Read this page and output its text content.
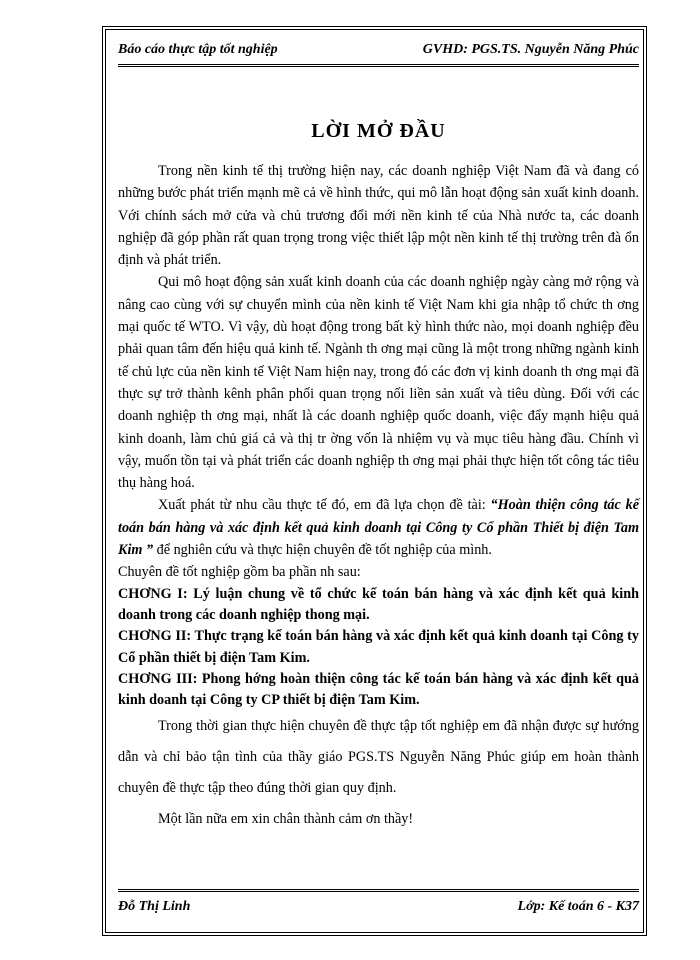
Báo cáo thực tập tốt nghiệp	GVHD: PGS.TS. Nguyễn Năng Phúc
LỜI MỞ ĐẦU

Trong nền kinh tế thị trường hiện nay, các doanh nghiệp Việt Nam đã và đang có những bước phát triển mạnh mẽ cả về hình thức, qui mô lẫn hoạt động sản xuất kinh doanh. Với chính sách mở cửa và chủ trương đổi mới nền kinh tế của Nhà nước ta, các doanh nghiệp đã góp phần rất quan trọng trong việc thiết lập một nền kinh tế thị trường trên đà ổn định và phát triển.

Qui mô hoạt động sản xuất kinh doanh của các doanh nghiệp ngày càng mở rộng và nâng cao cùng với sự chuyển mình của nền kinh tế Việt Nam khi gia nhập tổ chức th ơng mại quốc tế WTO. Vì vậy, dù hoạt động trong bất kỳ hình thức nào, mọi doanh nghiệp đều phải quan tâm đến hiệu quả kinh tế. Ngành th ơng mại cũng là một trong những ngành kinh tế chủ lực của nền kinh tế Việt Nam hiện nay, trong đó các đơn vị kinh doanh th ơng mại đã thực sự trở thành kênh phân phối quan trọng nối liền sản xuất và tiêu dùng. Đối với các doanh nghiệp th ơng mại, nhất là các doanh nghiệp quốc doanh, việc đẩy mạnh hiệu quả kinh doanh, làm chủ giá cả và thị tr ờng vốn là nhiệm vụ và mục tiêu hàng đầu. Chính vì vậy, muốn tồn tại và phát triển các doanh nghiệp th ơng mại phải thực hiện tốt công tác tiêu thụ hàng hoá.

Xuất phát từ nhu cầu thực tế đó, em đã lựa chọn đề tài: “Hoàn thiện công tác kế toán bán hàng và xác định kết quả kinh doanh tại Công ty Cổ phần Thiết bị điện Tam Kim ” để nghiên cứu và thực hiện chuyên đề tốt nghiệp của mình.

Chuyên đề tốt nghiệp gồm ba phần nh sau:

CHƠNG I: Lý luận chung về tổ chức kế toán bán hàng và xác định kết quả kinh doanh trong các doanh nghiệp thong mại.

CHƠNG II: Thực trạng kế toán bán hàng và xác định kết quả kinh doanh tại Công ty Cổ phần thiết bị điện Tam Kim.

CHƠNG III: Phong hớng hoàn thiện công tác kế toán bán hàng và xác định kết quả kinh doanh tại Công ty CP thiết bị điện Tam Kim.

Trong thời gian thực hiện chuyên đề thực tập tốt nghiệp em đã nhận được sự hướng dẫn và chỉ bảo tận tình của thầy giáo PGS.TS Nguyễn Năng Phúc giúp em hoàn thành chuyên đề thực tập theo đúng thời gian quy định.

Một lần nữa em xin chân thành cảm ơn thầy!

Đỗ Thị Linh	Lớp: Kế toán 6 - K37
